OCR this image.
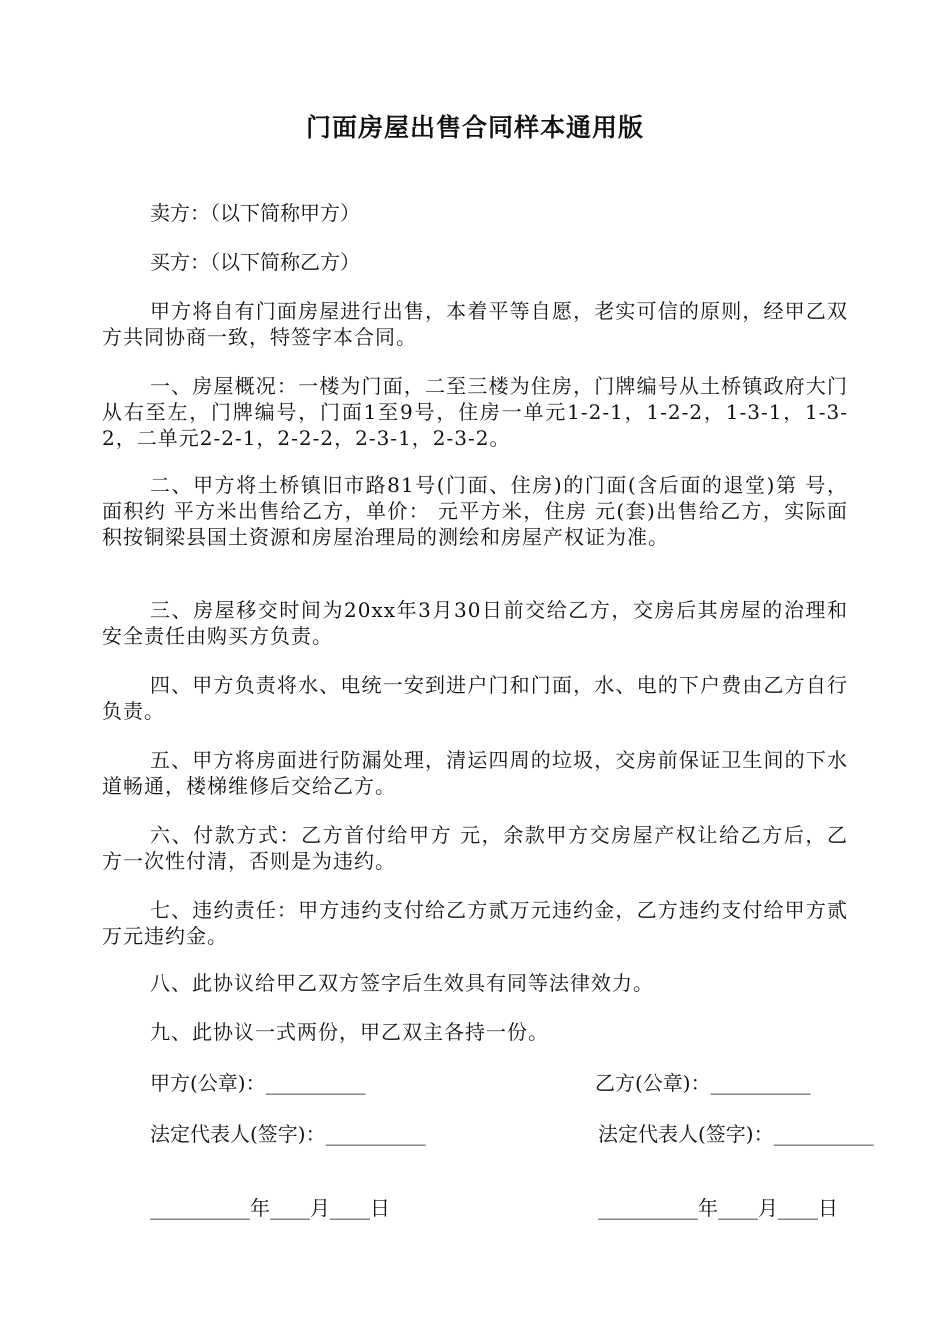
门面房屋出售合同样本通用版
卖方：（以下简称甲方）
买方：（以下简称乙方）
甲方将自有门面房屋进行出售，本着平等自愿，老实可信的原则，经甲乙双方共同协商一致，特签字本合同。
一、房屋概况：一楼为门面，二至三楼为住房，门牌编号从土桥镇政府大门从右至左，门牌编号，门面1至9号，住房一单元1-2-1，1-2-2，1-3-1，1-3-2，二单元2-2-1，2-2-2，2-3-1，2-3-2。
二、甲方将土桥镇旧市路81号(门面、住房)的门面(含后面的退堂)第 号，面积约 平方米出售给乙方，单价： 元平方米，住房 元(套)出售给乙方，实际面积按铜梁县国土资源和房屋治理局的测绘和房屋产权证为准。
三、房屋移交时间为20xx年3月30日前交给乙方，交房后其房屋的治理和安全责任由购买方负责。
四、甲方负责将水、电统一安到进户门和门面，水、电的下户费由乙方自行负责。
五、甲方将房面进行防漏处理，清运四周的垃圾，交房前保证卫生间的下水道畅通，楼梯维修后交给乙方。
六、付款方式：乙方首付给甲方 元，余款甲方交房屋产权让给乙方后，乙方一次性付清，否则是为违约。
七、违约责任：甲方违约支付给乙方贰万元违约金，乙方违约支付给甲方贰万元违约金。
八、此协议给甲乙双方签字后生效具有同等法律效力。
九、此协议一式两份，甲乙双主各持一份。
甲方(公章)：__________	乙方(公章)：__________
法定代表人(签字)：__________	法定代表人(签字)：__________
__________年____月____日	__________年____月____日
